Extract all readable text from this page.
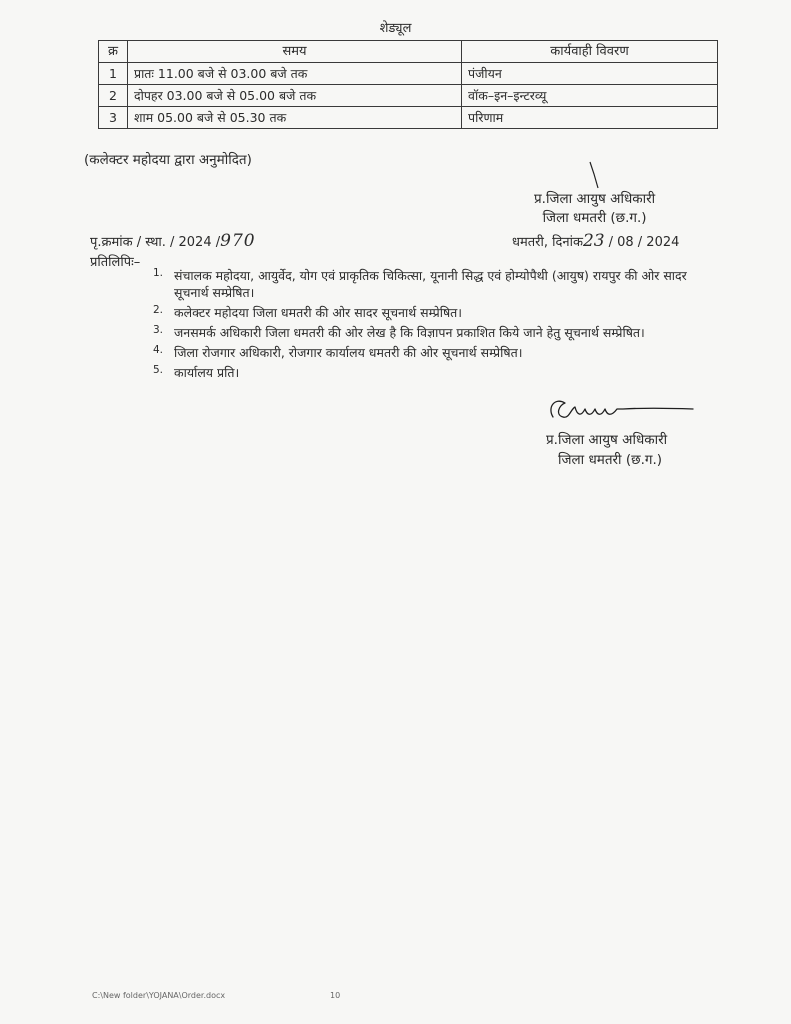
शेड्यूल
क्र	समय	कार्यवाही विवरण
1	प्रातः 11.00 बजे से 03.00 बजे तक	पंजीयन
2	दोपहर 03.00 बजे से 05.00 बजे तक	वॉक–इन–इन्टरव्यू
3	शाम 05.00 बजे से 05.30 तक	परिणाम
(कलेक्टर महोदया द्वारा अनुमोदित)
प्र.जिला आयुष अधिकारी
जिला धमतरी (छ.ग.)
पृ.क्रमांक / स्था. / 2024 /970	धमतरी, दिनांक23 / 08 / 2024
प्रतिलिपिः–
1. संचालक महोदया, आयुर्वेद, योग एवं प्राकृतिक चिकित्सा, यूनानी सिद्ध एवं होम्योपैथी (आयुष) रायपुर की ओर सादर सूचनार्थ सम्प्रेषित।
2. कलेक्टर महोदया जिला धमतरी की ओर सादर सूचनार्थ सम्प्रेषित।
3. जनसमर्क अधिकारी जिला धमतरी की ओर लेख है कि विज्ञापन प्रकाशित किये जाने हेतु सूचनार्थ सम्प्रेषित।
4. जिला रोजगार अधिकारी, रोजगार कार्यालय धमतरी की ओर सूचनार्थ सम्प्रेषित।
5. कार्यालय प्रति।
प्र.जिला आयुष अधिकारी
जिला धमतरी (छ.ग.)
C:\New folder\YOJANA\Order.docx	10
